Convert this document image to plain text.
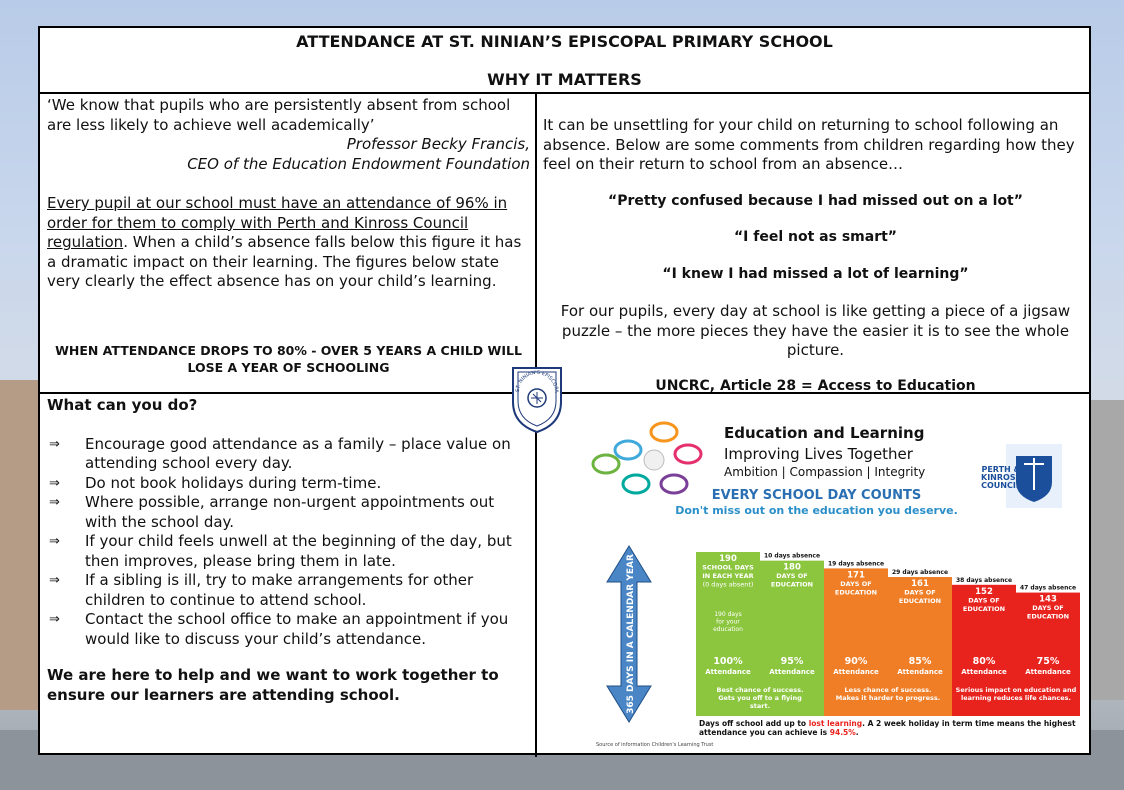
ATTENDANCE AT ST. NINIAN’S EPISCOPAL PRIMARY SCHOOL
WHY IT MATTERS
‘We know that pupils who are persistently absent from school are less likely to achieve well academically’
Professor Becky Francis,
CEO of the Education Endowment Foundation
Every pupil at our school must have an attendance of 96% in order for them to comply with Perth and Kinross Council regulation. When a child’s absence falls below this figure it has a dramatic impact on their learning. The figures below state very clearly the effect absence has on your child’s learning.
WHEN ATTENDANCE DROPS TO 80% - OVER 5 YEARS A CHILD WILL LOSE A YEAR OF SCHOOLING
It can be unsettling for your child on returning to school following an absence. Below are some comments from children regarding how they feel on their return to school from an absence…
“Pretty confused because I had missed out on a lot”
“I feel not as smart”
“I knew I had missed a lot of learning”
For our pupils, every day at school is like getting a piece of a jigsaw puzzle – the more pieces they have the easier it is to see the whole picture.
UNCRC, Article 28 = Access to Education
What can you do?
⇒ Encourage good attendance as a family – place value on attending school every day.
⇒ Do not book holidays during term-time.
⇒ Where possible, arrange non-urgent appointments out with the school day.
⇒ If your child feels unwell at the beginning of the day, but then improves, please bring them in late.
⇒ If a sibling is ill, try to make arrangements for other children to continue to attend school.
⇒ Contact the school office to make an appointment if you would like to discuss your child’s attendance.
We are here to help and we want to work together to ensure our learners are attending school.
ST. NINIAN'S EPISCOPA
190
SCHOOL DAYS
IN EACH YEAR
(0 days absent)
100%
Attendance
10 days absence
180
DAYS OF
EDUCATION
95%
Attendance
19 days absence
171
DAYS OF
EDUCATION
90%
Attendance
29 days absence
161
DAYS OF
EDUCATION
85%
Attendance
38 days absence
152
DAYS OF
EDUCATION
80%
Attendance
47 days absence
143
DAYS OF
EDUCATION
75%
Attendance
190 days
for your
education
Best chance of success.
Gets you off to a flying
start.
Less chance of success.
Makes it harder to progress.
Serious impact on education and
learning reduces life chances.
365 DAYS IN A CALENDAR YEAR
Days off school add up to lost learning. A 2 week holiday in term time means the highest
attendance you can achieve is 94.5%.
Source of information Children's Learning Trust
Education and Learning
Improving Lives Together
Ambition | Compassion | Integrity	PERTH &
KINROSS
COUNCIL
EVERY SCHOOL DAY COUNTS
Don't miss out on the education you deserve.
